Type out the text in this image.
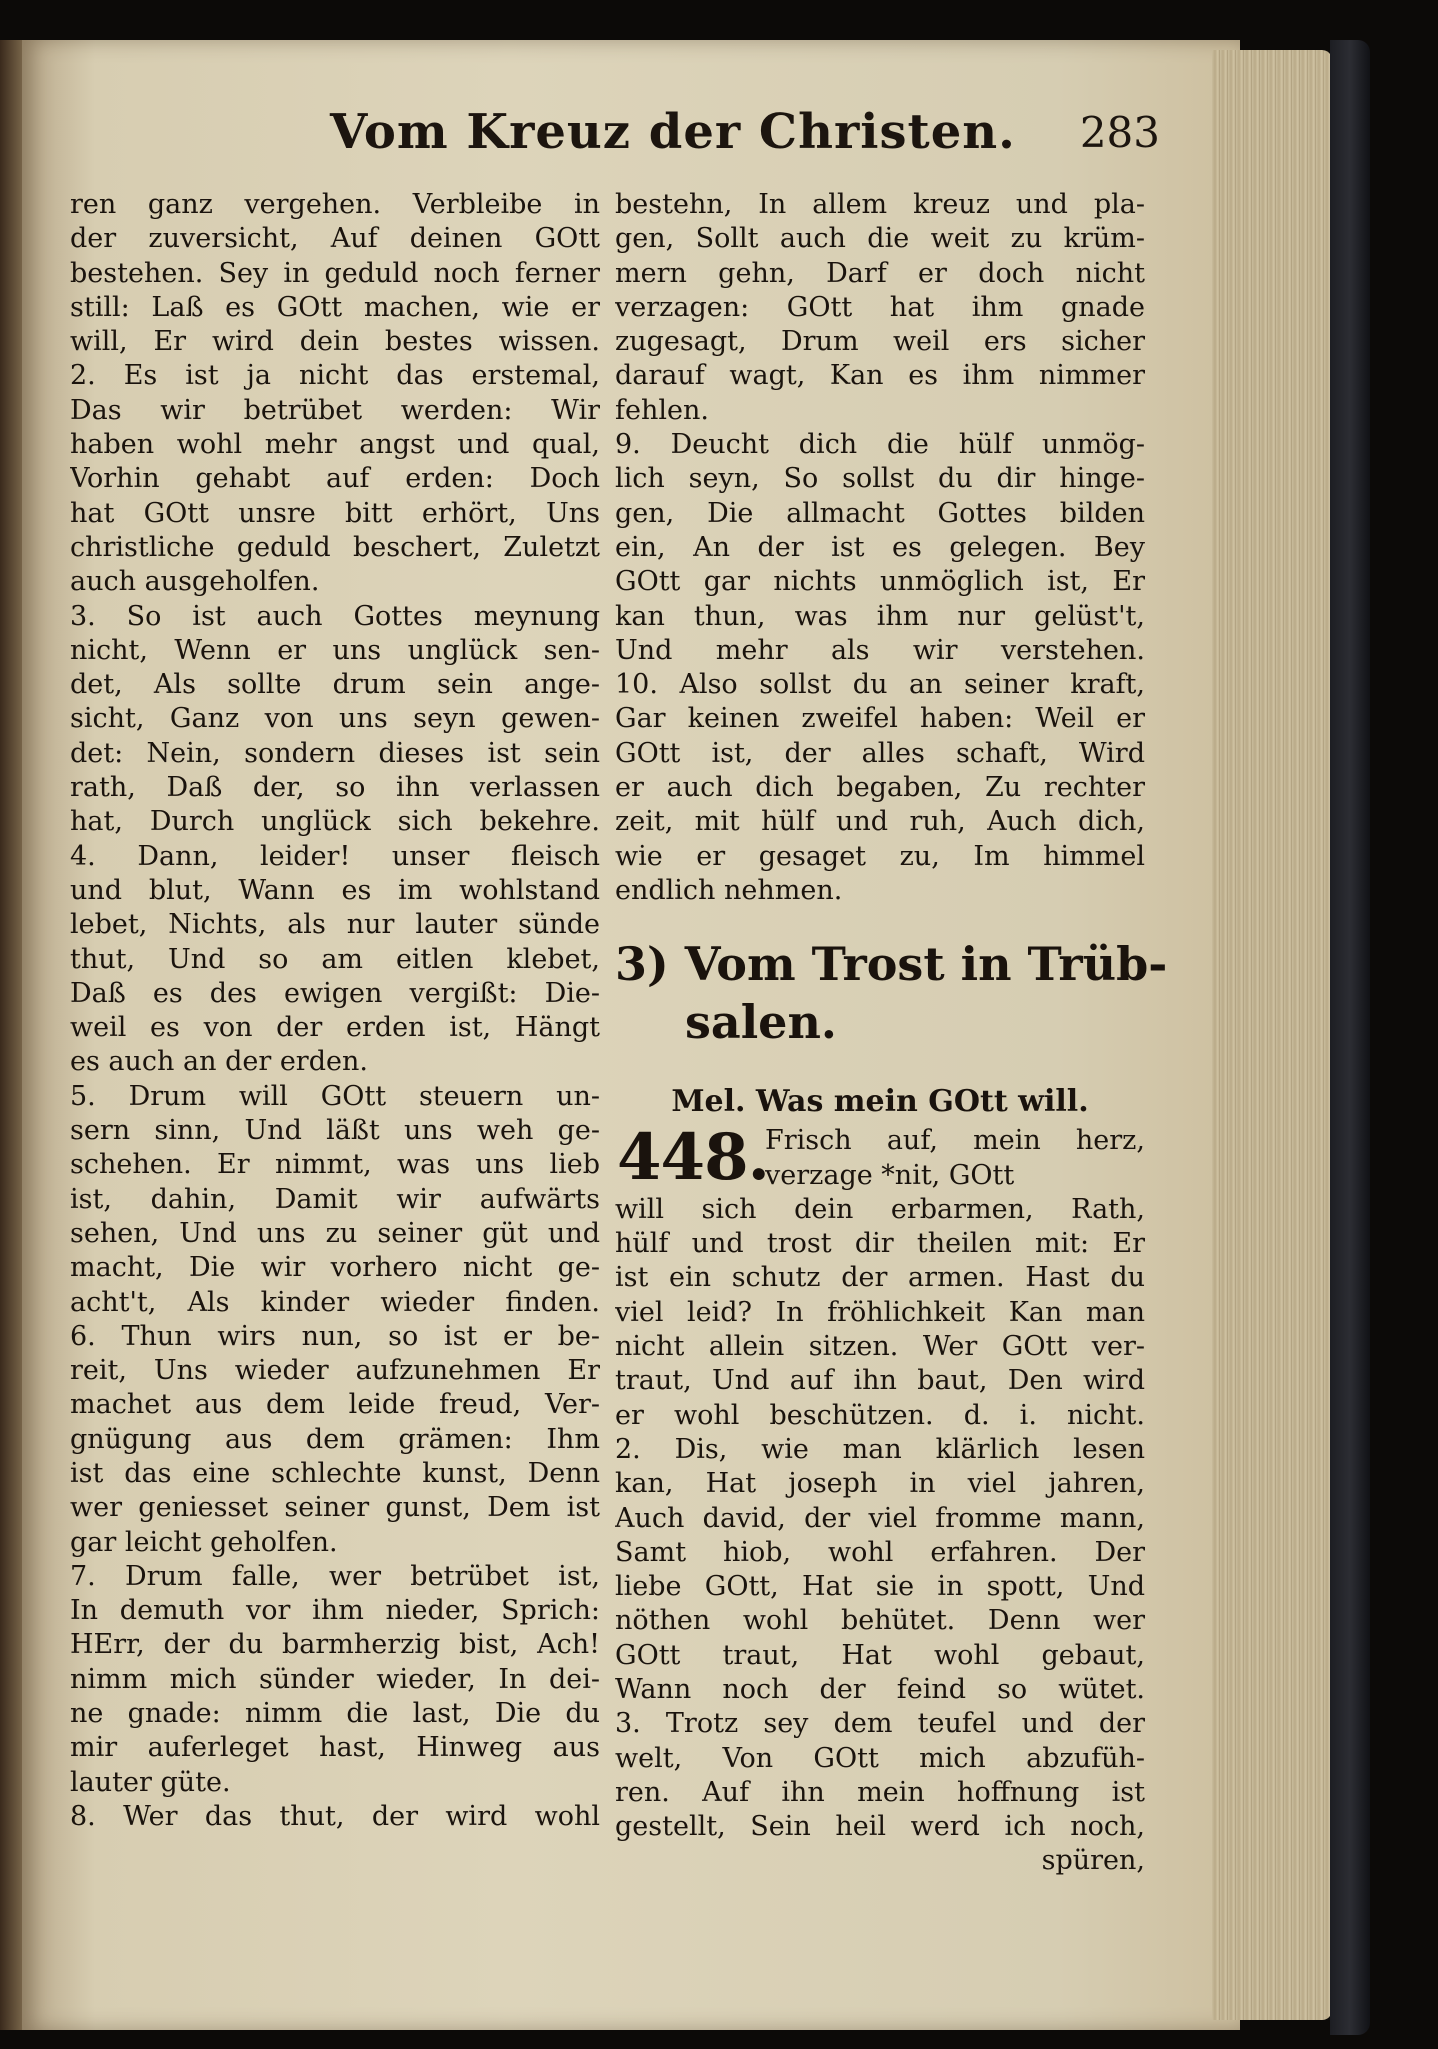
Vom Kreuz der Christen. 283
ren ganz vergehen. Verbleibe in
der zuversicht, Auf deinen GOtt
bestehen. Sey in geduld noch ferner
still: Laß es GOtt machen, wie er
will, Er wird dein bestes wissen.
2. Es ist ja nicht das erstemal,
Das wir betrübet werden: Wir
haben wohl mehr angst und qual,
Vorhin gehabt auf erden: Doch
hat GOtt unsre bitt erhört, Uns
christliche geduld beschert, Zuletzt
auch ausgeholfen.
3. So ist auch Gottes meynung
nicht, Wenn er uns unglück sen-
det, Als sollte drum sein ange-
sicht, Ganz von uns seyn gewen-
det: Nein, sondern dieses ist sein
rath, Daß der, so ihn verlassen
hat, Durch unglück sich bekehre.
4. Dann, leider! unser fleisch
und blut, Wann es im wohlstand
lebet, Nichts, als nur lauter sünde
thut, Und so am eitlen klebet,
Daß es des ewigen vergißt: Die-
weil es von der erden ist, Hängt
es auch an der erden.
5. Drum will GOtt steuern un-
sern sinn, Und läßt uns weh ge-
schehen. Er nimmt, was uns lieb
ist, dahin, Damit wir aufwärts
sehen, Und uns zu seiner güt und
macht, Die wir vorhero nicht ge-
acht't, Als kinder wieder finden.
6. Thun wirs nun, so ist er be-
reit, Uns wieder aufzunehmen Er
machet aus dem leide freud, Ver-
gnügung aus dem grämen: Ihm
ist das eine schlechte kunst, Denn
wer geniesset seiner gunst, Dem ist
gar leicht geholfen.
7. Drum falle, wer betrübet ist,
In demuth vor ihm nieder, Sprich:
HErr, der du barmherzig bist, Ach!
nimm mich sünder wieder, In dei-
ne gnade: nimm die last, Die du
mir auferleget hast, Hinweg aus
lauter güte.
8. Wer das thut, der wird wohl
bestehn, In allem kreuz und pla-
gen, Sollt auch die weit zu krüm-
mern gehn, Darf er doch nicht
verzagen: GOtt hat ihm gnade
zugesagt, Drum weil ers sicher
darauf wagt, Kan es ihm nimmer
fehlen.
9. Deucht dich die hülf unmög-
lich seyn, So sollst du dir hinge-
gen, Die allmacht Gottes bilden
ein, An der ist es gelegen. Bey
GOtt gar nichts unmöglich ist, Er
kan thun, was ihm nur gelüst't,
Und mehr als wir verstehen.
10. Also sollst du an seiner kraft,
Gar keinen zweifel haben: Weil er
GOtt ist, der alles schaft, Wird
er auch dich begaben, Zu rechter
zeit, mit hülf und ruh, Auch dich,
wie er gesaget zu, Im himmel
endlich nehmen.
3) Vom Trost in Trüb-
salen.
Mel. Was mein GOtt will.
448.
Frisch auf, mein herz,
verzage *nit, GOtt
will sich dein erbarmen, Rath,
hülf und trost dir theilen mit: Er
ist ein schutz der armen. Hast du
viel leid? In fröhlichkeit Kan man
nicht allein sitzen. Wer GOtt ver-
traut, Und auf ihn baut, Den wird
er wohl beschützen. d. i. nicht.
2. Dis, wie man klärlich lesen
kan, Hat joseph in viel jahren,
Auch david, der viel fromme mann,
Samt hiob, wohl erfahren. Der
liebe GOtt, Hat sie in spott, Und
nöthen wohl behütet. Denn wer
GOtt traut, Hat wohl gebaut,
Wann noch der feind so wütet.
3. Trotz sey dem teufel und der
welt, Von GOtt mich abzufüh-
ren. Auf ihn mein hoffnung ist
gestellt, Sein heil werd ich noch,
spüren,
